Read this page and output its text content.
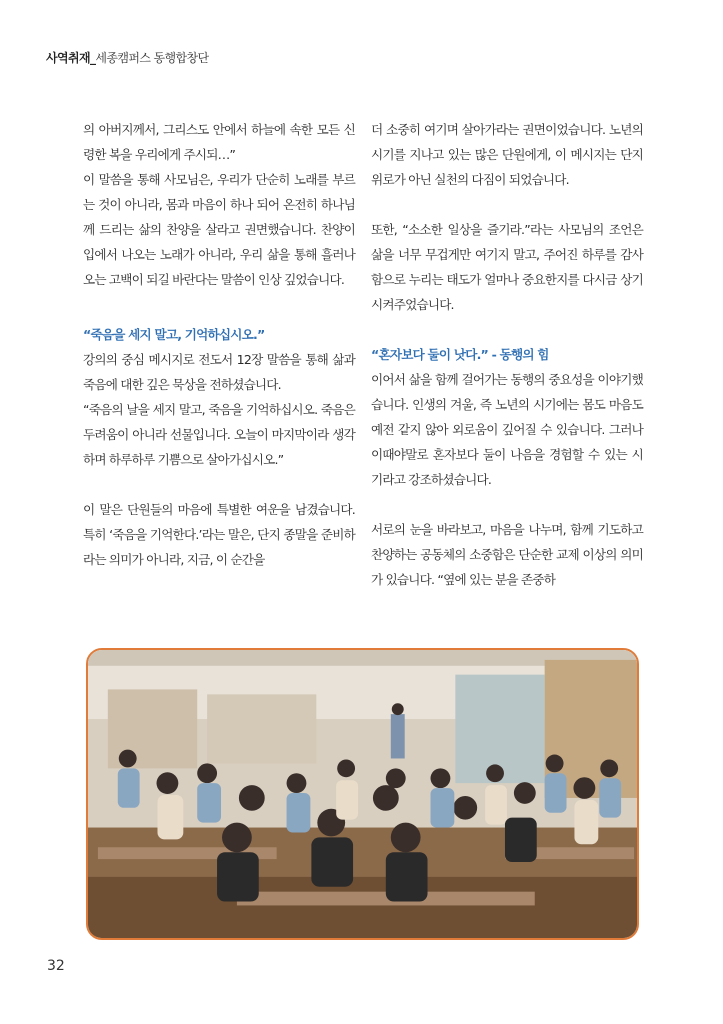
사역취재_세종캠퍼스 동행합창단

의 아버지께서, 그리스도 안에서 하늘에 속한 모든 신령한 복을 우리에게 주시되…”

이 말씀을 통해 사모님은, 우리가 단순히 노래를 부르는 것이 아니라, 몸과 마음이 하나 되어 온전히 하나님께 드리는 삶의 찬양을 살라고 권면했습니다. 찬양이 입에서 나오는 노래가 아니라, 우리 삶을 통해 흘러나오는 고백이 되길 바란다는 말씀이 인상 깊었습니다.

“죽음을 세지 말고, 기억하십시오.”

강의의 중심 메시지로 전도서 12장 말씀을 통해 삶과 죽음에 대한 깊은 묵상을 전하셨습니다.

“죽음의 날을 세지 말고, 죽음을 기억하십시오. 죽음은 두려움이 아니라 선물입니다. 오늘이 마지막이라 생각하며 하루하루 기쁨으로 살아가십시오.”

이 말은 단원들의 마음에 특별한 여운을 남겼습니다. 특히 ‘죽음을 기억한다.’라는 말은, 단지 종말을 준비하라는 의미가 아니라, 지금, 이 순간을

더 소중히 여기며 살아가라는 권면이었습니다. 노년의 시기를 지나고 있는 많은 단원에게, 이 메시지는 단지 위로가 아닌 실천의 다짐이 되었습니다.

또한, “소소한 일상을 즐기라.”라는 사모님의 조언은 삶을 너무 무겁게만 여기지 말고, 주어진 하루를 감사함으로 누리는 태도가 얼마나 중요한지를 다시금 상기시켜주었습니다.

“혼자보다 둘이 낫다.” - 동행의 힘

이어서 삶을 함께 걸어가는 동행의 중요성을 이야기했습니다. 인생의 겨울, 즉 노년의 시기에는 몸도 마음도 예전 같지 않아 외로움이 깊어질 수 있습니다. 그러나 이때야말로 혼자보다 둘이 나음을 경험할 수 있는 시기라고 강조하셨습니다.

서로의 눈을 바라보고, 마음을 나누며, 함께 기도하고 찬양하는 공동체의 소중함은 단순한 교제 이상의 의미가 있습니다. “옆에 있는 분을 존중하

32
